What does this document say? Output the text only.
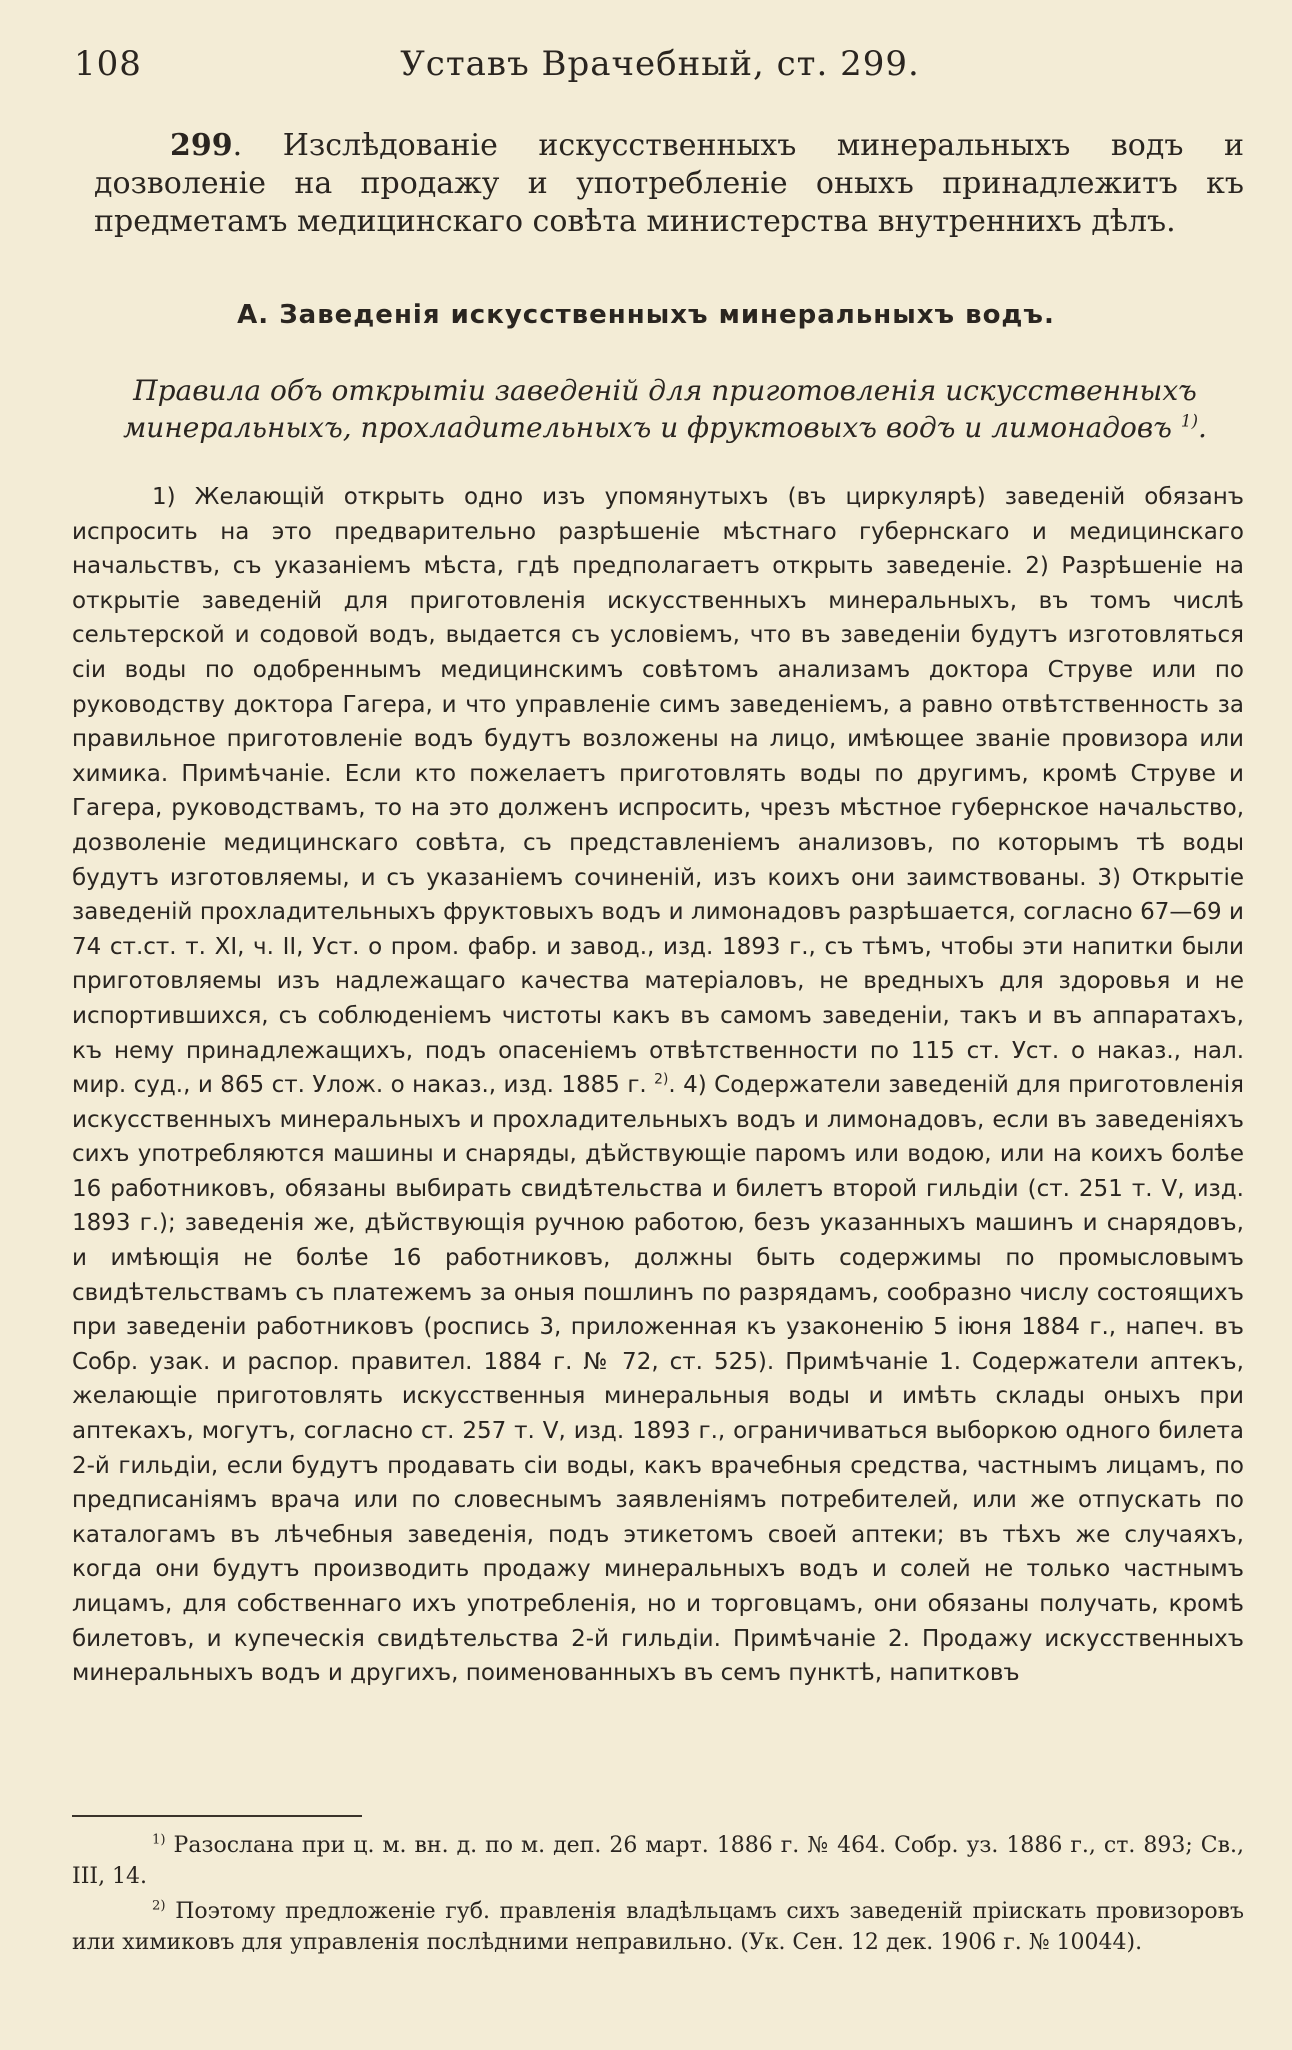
108	Уставъ Врачебный, ст. 299.
299. Изслѣдованіе искусственныхъ минеральныхъ водъ и дозволеніе на продажу и употребленіе оныхъ принадлежитъ къ предметамъ медицинскаго совѣта министерства внутреннихъ дѣлъ.
А. Заведенія искусственныхъ минеральныхъ водъ.
Правила объ открытіи заведеній для приготовленія искусственныхъ минеральныхъ, прохладительныхъ и фруктовыхъ водъ и лимонадовъ $^{1)}$.
1) Желающій открыть одно изъ упомянутыхъ (въ циркулярѣ) заведеній обязанъ испросить на это предварительно разрѣшеніе мѣстнаго губернскаго и медицинскаго начальствъ, съ указаніемъ мѣста, гдѣ предполагаетъ открыть заведеніе. 2) Разрѣшеніе на открытіе заведеній для приготовленія искусственныхъ минеральныхъ, въ томъ числѣ сельтерской и содовой водъ, выдается съ условіемъ, что въ заведеніи будутъ изготовляться сіи воды по одобреннымъ медицинскимъ совѣтомъ анализамъ доктора Струве или по руководству доктора Гагера, и что управленіе симъ заведеніемъ, а равно отвѣтственность за правильное приготовленіе водъ будутъ возложены на лицо, имѣющее званіе провизора или химика. Примѣчаніе. Если кто пожелаетъ приготовлять воды по другимъ, кромѣ Струве и Гагера, руководствамъ, то на это долженъ испросить, чрезъ мѣстное губернское начальство, дозволеніе медицинскаго совѣта, съ представленіемъ анализовъ, по которымъ тѣ воды будутъ изготовляемы, и съ указаніемъ сочиненій, изъ коихъ они заимствованы. 3) Открытіе заведеній прохладительныхъ фруктовыхъ водъ и лимонадовъ разрѣшается, согласно 67—69 и 74 ст.ст. т. XI, ч. II, Уст. о пром. фабр. и завод., изд. 1893 г., съ тѣмъ, чтобы эти напитки были приготовляемы изъ надлежащаго качества матеріаловъ, не вредныхъ для здоровья и не испортившихся, съ соблюденіемъ чистоты какъ въ самомъ заведеніи, такъ и въ аппаратахъ, къ нему принадлежащихъ, подъ опасеніемъ отвѣтственности по 115 ст. Уст. о наказ., нал. мир. суд., и 865 ст. Улож. о наказ., изд. 1885 г. $^{2)}$. 4) Содержатели заведеній для приготовленія искусственныхъ минеральныхъ и прохладительныхъ водъ и лимонадовъ, если въ заведеніяхъ сихъ употребляются машины и снаряды, дѣйствующіе паромъ или водою, или на коихъ болѣе 16 работниковъ, обязаны выбирать свидѣтельства и билетъ второй гильдіи (ст. 251 т. V, изд. 1893 г.); заведенія же, дѣйствующія ручною работою, безъ указанныхъ машинъ и снарядовъ, и имѣющія не болѣе 16 работниковъ, должны быть содержимы по промысловымъ свидѣтельствамъ съ платежемъ за оныя пошлинъ по разрядамъ, сообразно числу состоящихъ при заведеніи работниковъ (роспись 3, приложенная къ узаконенію 5 іюня 1884 г., напеч. въ Собр. узак. и распор. правител. 1884 г. № 72, ст. 525). Примѣчаніе 1. Содержатели аптекъ, желающіе приготовлять искусственныя минеральныя воды и имѣть склады оныхъ при аптекахъ, могутъ, согласно ст. 257 т. V, изд. 1893 г., ограничиваться выборкою одного билета 2-й гильдіи, если будутъ продавать сіи воды, какъ врачебныя средства, частнымъ лицамъ, по предписаніямъ врача или по словеснымъ заявленіямъ потребителей, или же отпускать по каталогамъ въ лѣчебныя заведенія, подъ этикетомъ своей аптеки; въ тѣхъ же случаяхъ, когда они будутъ производить продажу минеральныхъ водъ и солей не только частнымъ лицамъ, для собственнаго ихъ употребленія, но и торговцамъ, они обязаны получать, кромѣ билетовъ, и купеческія свидѣтельства 2-й гильдіи. Примѣчаніе 2. Продажу искусственныхъ минеральныхъ водъ и другихъ, поименованныхъ въ семъ пунктѣ, напитковъ

$^{1)}$ Разослана при ц. м. вн. д. по м. деп. 26 март. 1886 г. № 464. Собр. уз. 1886 г., ст. 893; Св., III, 14.

$^{2)}$ Поэтому предложеніе губ. правленія владѣльцамъ сихъ заведеній пріискать провизоровъ или химиковъ для управленія послѣдними неправильно. (Ук. Сен. 12 дек. 1906 г. № 10044).
